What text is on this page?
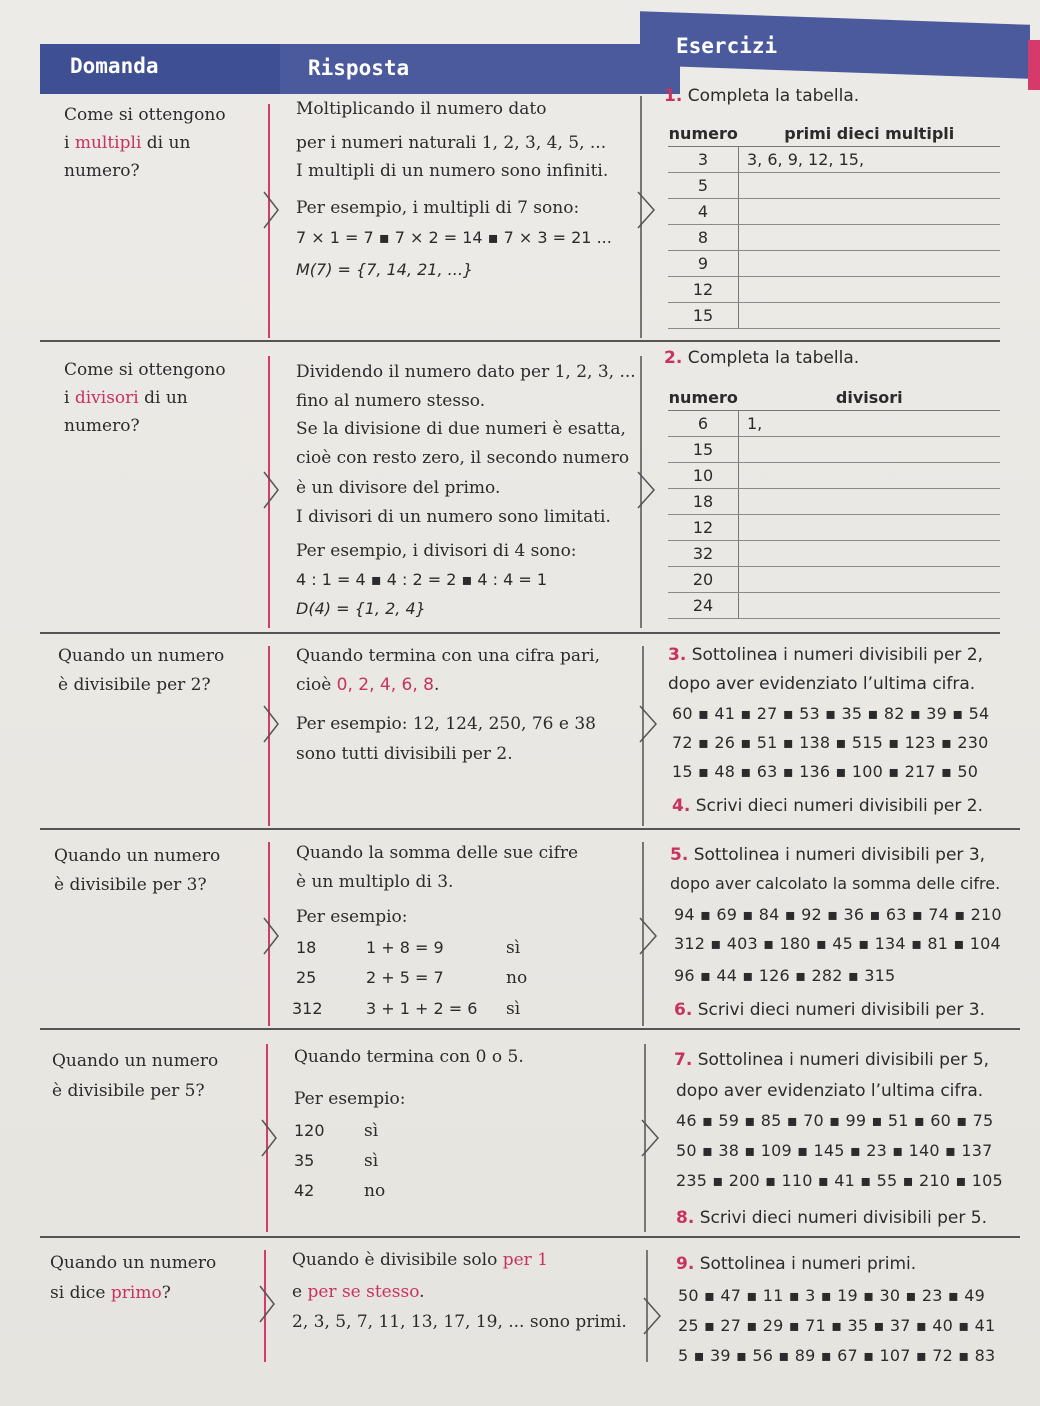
Domanda	Risposta
Esercizi
Come si ottengono
i multipli di un
numero?
Moltiplicando il numero dato
per i numeri naturali 1, 2, 3, 4, 5, ...
I multipli di un numero sono infiniti.
Per esempio, i multipli di 7 sono:
7 × 1 = 7 ▪ 7 × 2 = 14 ▪ 7 × 3 = 21 ...
M(7) = {7, 14, 21, ...}
Come si ottengono
i divisori di un
numero?
Dividendo il numero dato per 1, 2, 3, ...
fino al numero stesso.
Se la divisione di due numeri è esatta,
cioè con resto zero, il secondo numero
è un divisore del primo.
I divisori di un numero sono limitati.
Per esempio, i divisori di 4 sono:
4 : 1 = 4 ▪ 4 : 2 = 2 ▪ 4 : 4 = 1
D(4) = {1, 2, 4}
Quando un numero
è divisibile per 2?
Quando termina con una cifra pari,
cioè 0, 2, 4, 6, 8.
Per esempio: 12, 124, 250, 76 e 38
sono tutti divisibili per 2.
Quando un numero
è divisibile per 3?
Quando la somma delle sue cifre
è un multiplo di 3.
Per esempio:
18	1 + 8 = 9	sì
25	2 + 5 = 7	no
312	3 + 1 + 2 = 6 sì
Quando un numero
è divisibile per 5?
Quando termina con 0 o 5.
Per esempio:
120 sì
35	sì
42	no
Quando un numero
si dice primo?
Quando è divisibile solo per 1
e per se stesso.
2, 3, 5, 7, 11, 13, 17, 19, ... sono primi.
1. Completa la tabella.
numero	primi dieci multipli
3	3, 6, 9, 12, 15,
5	
4	
8	
9	
12	
15	
2. Completa la tabella.
numero	divisori
6	1,
15	
10	
18	
12	
32	
20	
24	
3. Sottolinea i numeri divisibili per 2,
dopo aver evidenziato l’ultima cifra.
60 ▪ 41 ▪ 27 ▪ 53 ▪ 35 ▪ 82 ▪ 39 ▪ 54
72 ▪ 26 ▪ 51 ▪ 138 ▪ 515 ▪ 123 ▪ 230
15 ▪ 48 ▪ 63 ▪ 136 ▪ 100 ▪ 217 ▪ 50
4. Scrivi dieci numeri divisibili per 2.
5. Sottolinea i numeri divisibili per 3,
dopo aver calcolato la somma delle cifre.
94 ▪ 69 ▪ 84 ▪ 92 ▪ 36 ▪ 63 ▪ 74 ▪ 210
312 ▪ 403 ▪ 180 ▪ 45 ▪ 134 ▪ 81 ▪ 104
96 ▪ 44 ▪ 126 ▪ 282 ▪ 315
6. Scrivi dieci numeri divisibili per 3.
7. Sottolinea i numeri divisibili per 5,
dopo aver evidenziato l’ultima cifra.
46 ▪ 59 ▪ 85 ▪ 70 ▪ 99 ▪ 51 ▪ 60 ▪ 75
50 ▪ 38 ▪ 109 ▪ 145 ▪ 23 ▪ 140 ▪ 137
235 ▪ 200 ▪ 110 ▪ 41 ▪ 55 ▪ 210 ▪ 105
8. Scrivi dieci numeri divisibili per 5.
9. Sottolinea i numeri primi.
50 ▪ 47 ▪ 11 ▪ 3 ▪ 19 ▪ 30 ▪ 23 ▪ 49
25 ▪ 27 ▪ 29 ▪ 71 ▪ 35 ▪ 37 ▪ 40 ▪ 41
5 ▪ 39 ▪ 56 ▪ 89 ▪ 67 ▪ 107 ▪ 72 ▪ 83
